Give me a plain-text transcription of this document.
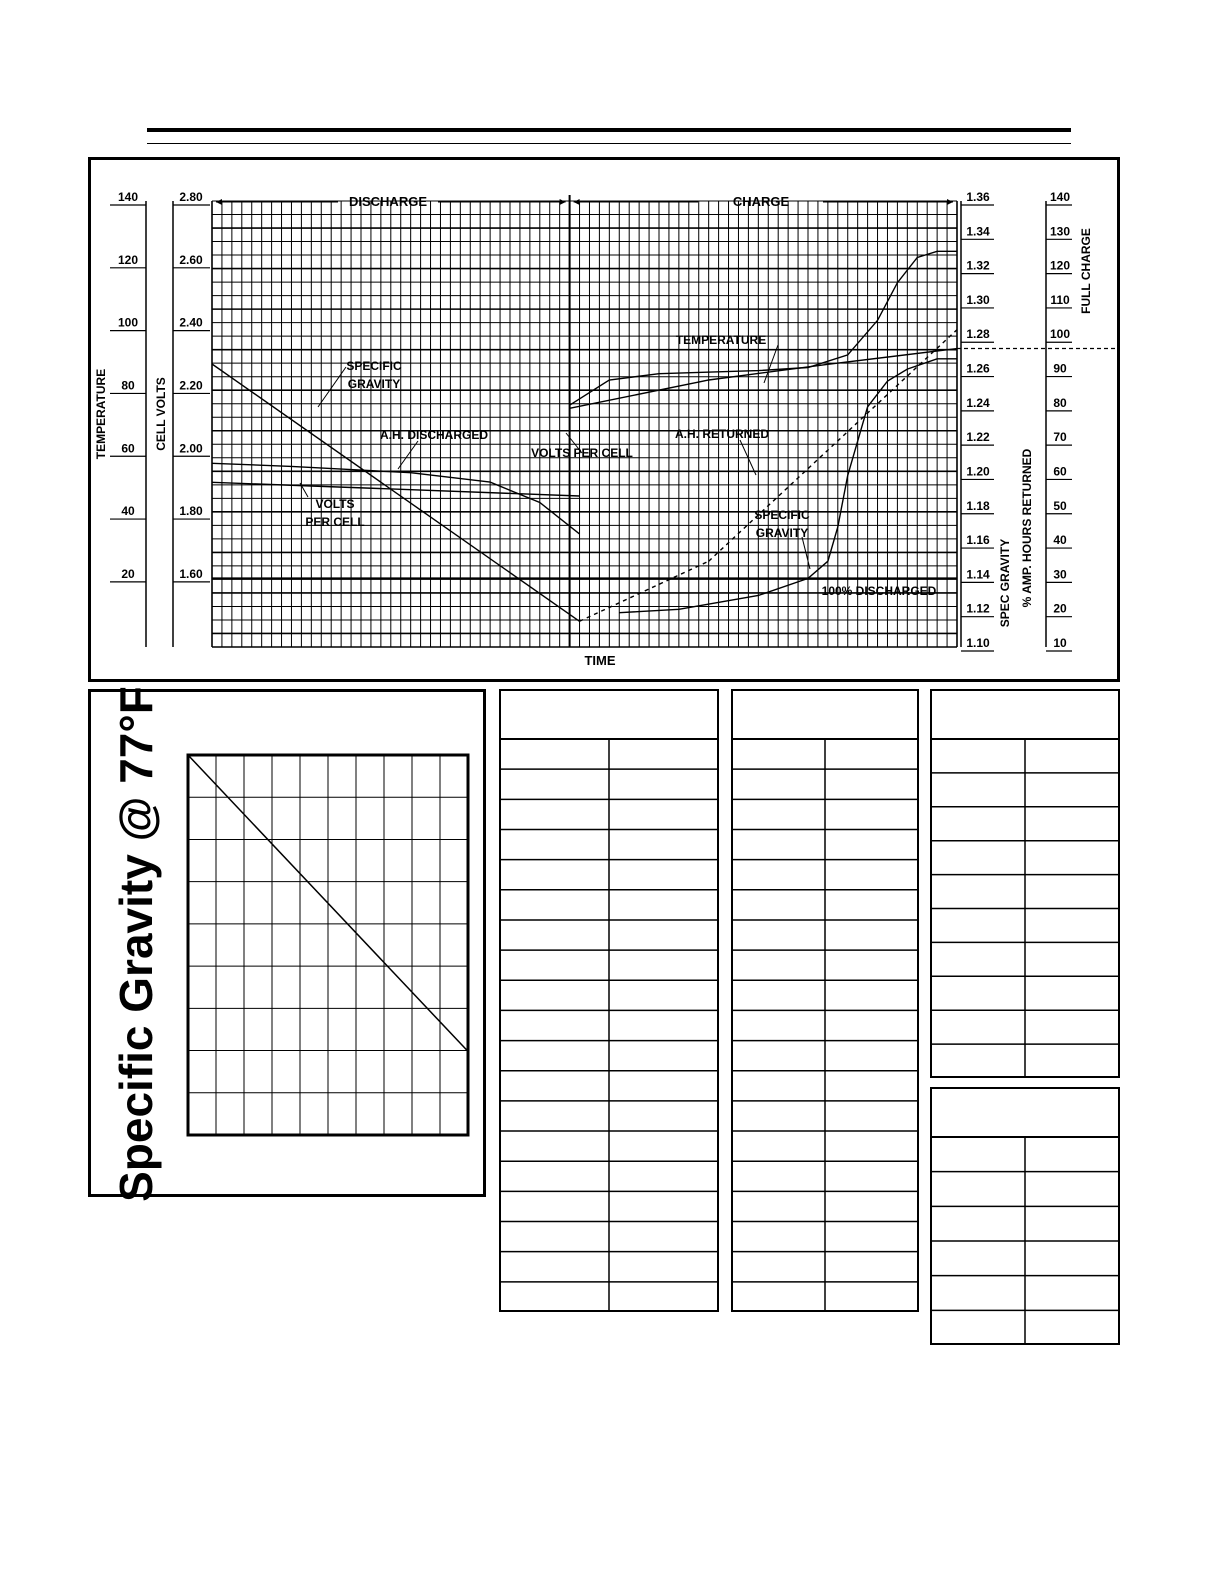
140
120
100
80
60
40
20
2.80
2.60
2.40
2.20
2.00
1.80
1.60
1.36
1.34
1.32
1.30
1.28
1.26
1.24
1.22
1.20
1.18
1.16
1.14
1.12
1.10
140
130
120
110
100
90
80
70
60
50
40
30
20
10
DISCHARGE	CHARGE
TIME
TEMPERATURE	CELL VOLTS
SPEC GRAVITY % AMP. HOURS RETURNED
FULL CHARGE
SPECIFIC
GRAVITY
A.H. DISCHARGED
VOLTS
PER CELL
TEMPERATURE
VOLTS PER CELL
A.H. RETURNED
SPECIFIC
GRAVITY
100% DISCHARGED
Specific Gravity @ 77°F
